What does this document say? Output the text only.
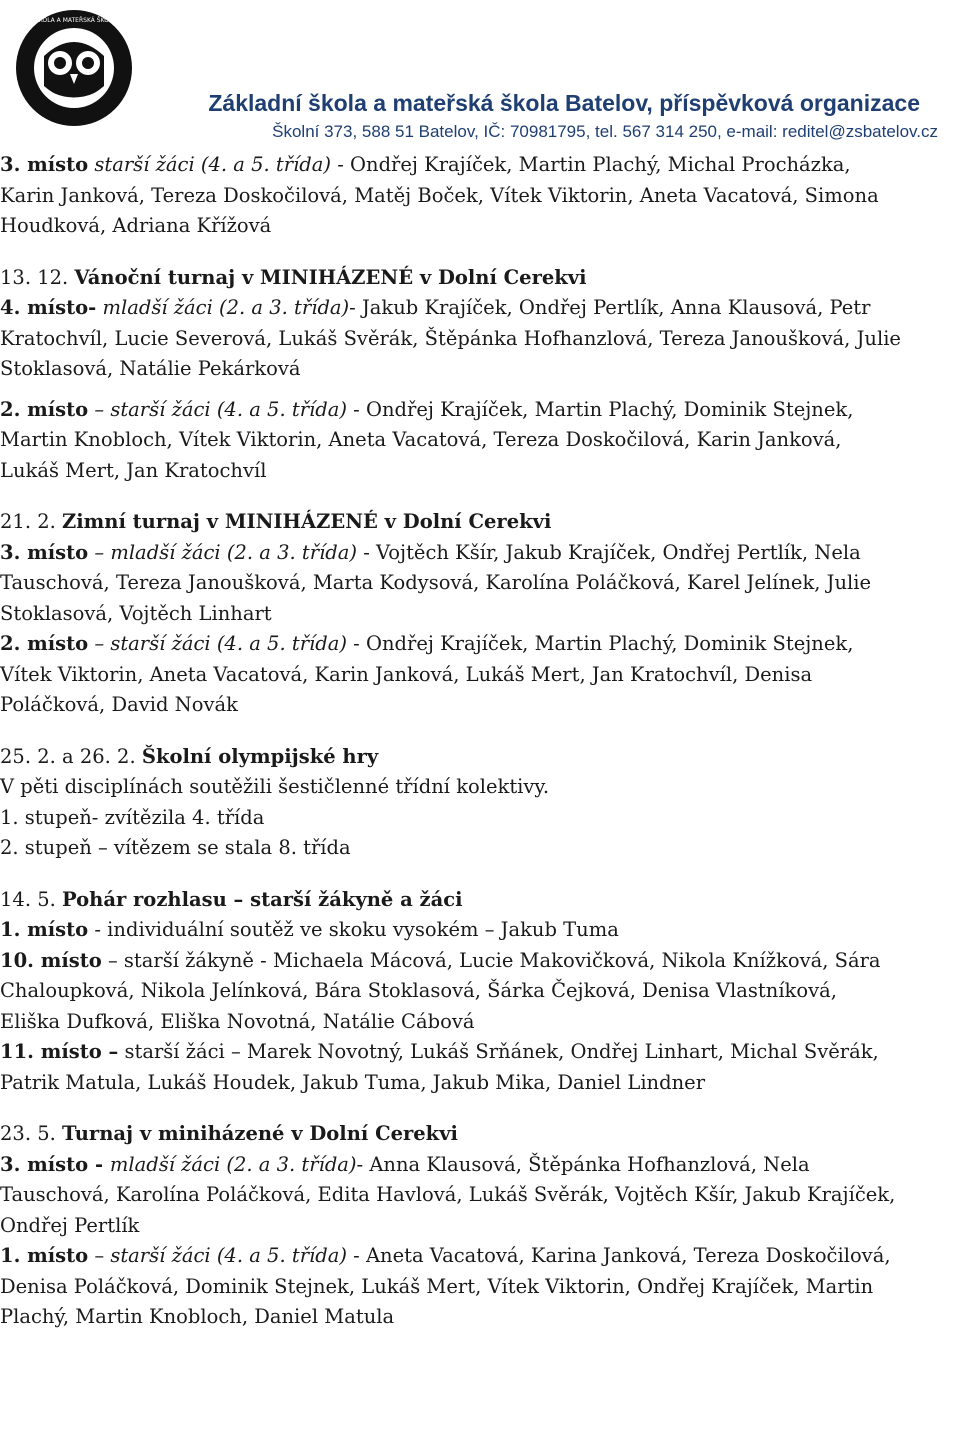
ZÁKLADNÍ ŠKOLA A MATEŘSKÁ ŠKOLA BATELOV
Základní škola a mateřská škola Batelov, příspěvková organizace
Školní 373, 588 51 Batelov, IČ: 70981795, tel. 567 314 250, e-mail: reditel@zsbatelov.cz

3. místo starší žáci (4. a 5. třída) - Ondřej Krajíček, Martin Plachý, Michal Procházka,

Karin Janková, Tereza Doskočilová, Matěj Boček, Vítek Viktorin, Aneta Vacatová, Simona

Houdková, Adriana Křížová

13. 12. Vánoční turnaj v MINIHÁZENÉ v Dolní Cerekvi

4. místo- mladší žáci (2. a 3. třída)- Jakub Krajíček, Ondřej Pertlík, Anna Klausová, Petr

Kratochvíl, Lucie Severová, Lukáš Svěrák, Štěpánka Hofhanzlová, Tereza Janoušková, Julie

Stoklasová, Natálie Pekárková

2. místo – starší žáci (4. a 5. třída) - Ondřej Krajíček, Martin Plachý, Dominik Stejnek,

Martin Knobloch, Vítek Viktorin, Aneta Vacatová, Tereza Doskočilová, Karin Janková,

Lukáš Mert, Jan Kratochvíl

21. 2. Zimní turnaj v MINIHÁZENÉ v Dolní Cerekvi

3. místo – mladší žáci (2. a 3. třída) - Vojtěch Kšír, Jakub Krajíček, Ondřej Pertlík, Nela

Tauschová, Tereza Janoušková, Marta Kodysová, Karolína Poláčková, Karel Jelínek, Julie

Stoklasová, Vojtěch Linhart

2. místo – starší žáci (4. a 5. třída) - Ondřej Krajíček, Martin Plachý, Dominik Stejnek,

Vítek Viktorin, Aneta Vacatová, Karin Janková, Lukáš Mert, Jan Kratochvíl, Denisa

Poláčková, David Novák

25. 2. a 26. 2. Školní olympijské hry

V pěti disciplínách soutěžili šestičlenné třídní kolektivy.

1. stupeň- zvítězila 4. třída

2. stupeň – vítězem se stala 8. třída

14. 5. Pohár rozhlasu – starší žákyně a žáci

1. místo - individuální soutěž ve skoku vysokém – Jakub Tuma

10. místo – starší žákyně - Michaela Mácová, Lucie Makovičková, Nikola Knížková, Sára

Chaloupková, Nikola Jelínková, Bára Stoklasová, Šárka Čejková, Denisa Vlastníková,

Eliška Dufková, Eliška Novotná, Natálie Cábová

11. místo – starší žáci – Marek Novotný, Lukáš Srňánek, Ondřej Linhart, Michal Svěrák,

Patrik Matula, Lukáš Houdek, Jakub Tuma, Jakub Mika, Daniel Lindner

23. 5. Turnaj v miniházené v Dolní Cerekvi

3. místo - mladší žáci (2. a 3. třída)- Anna Klausová, Štěpánka Hofhanzlová, Nela

Tauschová, Karolína Poláčková, Edita Havlová, Lukáš Svěrák, Vojtěch Kšír, Jakub Krajíček,

Ondřej Pertlík

1. místo – starší žáci (4. a 5. třída) - Aneta Vacatová, Karina Janková, Tereza Doskočilová,

Denisa Poláčková, Dominik Stejnek, Lukáš Mert, Vítek Viktorin, Ondřej Krajíček, Martin

Plachý, Martin Knobloch, Daniel Matula
